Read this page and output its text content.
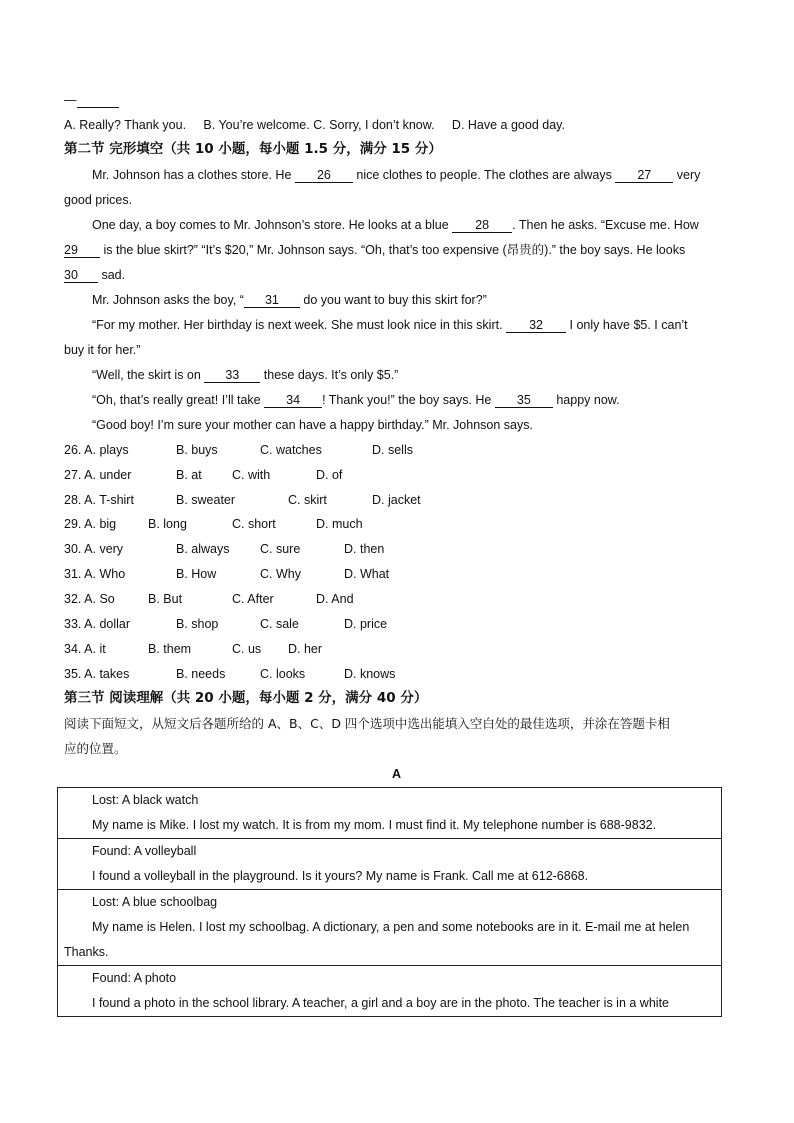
—
A. Really? Thank you.     B. You’re welcome. C. Sorry, I don’t know.     D. Have a good day.
第二节 完形填空（共 10 小题，每小题 1.5 分，满分 15 分）
Mr. Johnson has a clothes store. He 26 nice clothes to people. The clothes are always 27 very
good prices.
One day, a boy comes to Mr. Johnson’s store. He looks at a blue 28 . Then he asks. “Excuse me. How
29 is the blue skirt?” “It’s $20,” Mr. Johnson says. “Oh, that’s too expensive (昂贵的).” the boy says. He looks
30 sad.
Mr. Johnson asks the boy, “ 31 do you want to buy this skirt for?”
“For my mother. Her birthday is next week. She must look nice in this skirt. 32 I only have $5. I can’t
buy it for her.”
“Well, the skirt is on 33 these days. It’s only $5.”
“Oh, that’s really great! I’ll take 34 ! Thank you!” the boy says. He 35 happy now.
“Good boy! I’m sure your mother can have a happy birthday.” Mr. Johnson says.
26. A. plays	B. buys	C. watches	D. sells
27. A. under	B. at C. with	D. of
28. A. T-shirt	B. sweater	C. skirt	D. jacket
29. A. big	B. long	C. short	D. much
30. A. very	B. always C. sure	D. then
31. A. Who	B. How	C. Why	D. What
32. A. So	B. But	C. After	D. And
33. A. dollar	B. shop	C. sale	D. price
34. A. it	B. them	C. us D. her
35. A. takes	B. needs	C. looks	D. knows
第三节 阅读理解（共 20 小题，每小题 2 分，满分 40 分）
阅读下面短文，从短文后各题所给的 A、B、C、D 四个选项中选出能填入空白处的最佳选项，并涂在答题卡相
应的位置。
A
Lost: A black watch
My name is Mike. I lost my watch. It is from my mom. I must find it. My telephone number is 688-9832.

Found: A volleyball
I found a volleyball in the playground. Is it yours? My name is Frank. Call me at 612-6868.

Lost: A blue schoolbag
My name is Helen. I lost my schoolbag. A dictionary, a pen and some notebooks are in it. E-mail me at helen
Thanks.

Found: A photo
I found a photo in the school library. A teacher, a girl and a boy are in the photo. The teacher is in a white
